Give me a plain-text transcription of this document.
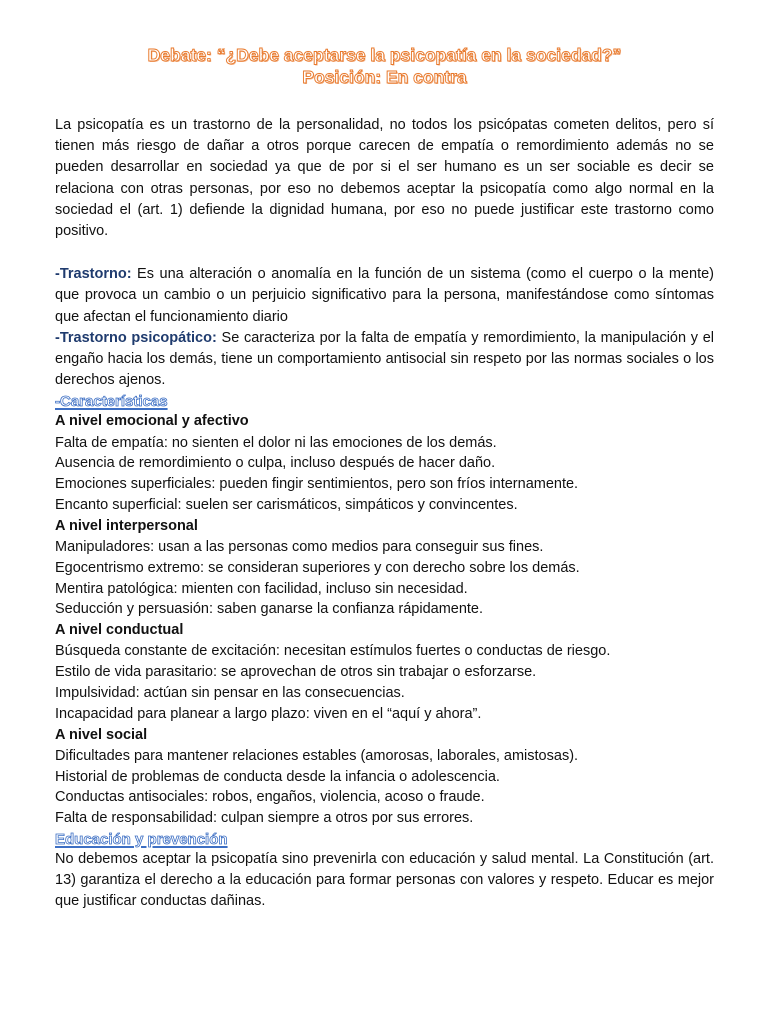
Debate: “¿Debe aceptarse la psicopatía en la sociedad?”
Posición: En contra

La psicopatía es un trastorno de la personalidad, no todos los psicópatas cometen delitos, pero sí tienen más riesgo de dañar a otros porque carecen de empatía o remordimiento además no se pueden desarrollar en sociedad ya que de por si el ser humano es un ser sociable es decir se relaciona con otras personas, por eso no debemos aceptar la psicopatía como algo normal en la sociedad el (art. 1) defiende la dignidad humana, por eso no puede justificar este trastorno como positivo.

-Trastorno: Es una alteración o anomalía en la función de un sistema (como el cuerpo o la mente) que provoca un cambio o un perjuicio significativo para la persona, manifestándose como síntomas que afectan el funcionamiento diario

-Trastorno psicopático: Se caracteriza por la falta de empatía y remordimiento, la manipulación y el engaño hacia los demás, tiene un comportamiento antisocial sin respeto por las normas sociales o los derechos ajenos.

-Características

A nivel emocional y afectivo

Falta de empatía: no sienten el dolor ni las emociones de los demás.

Ausencia de remordimiento o culpa, incluso después de hacer daño.

Emociones superficiales: pueden fingir sentimientos, pero son fríos internamente.

Encanto superficial: suelen ser carismáticos, simpáticos y convincentes.

A nivel interpersonal

Manipuladores: usan a las personas como medios para conseguir sus fines.

Egocentrismo extremo: se consideran superiores y con derecho sobre los demás.

Mentira patológica: mienten con facilidad, incluso sin necesidad.

Seducción y persuasión: saben ganarse la confianza rápidamente.

A nivel conductual

Búsqueda constante de excitación: necesitan estímulos fuertes o conductas de riesgo.

Estilo de vida parasitario: se aprovechan de otros sin trabajar o esforzarse.

Impulsividad: actúan sin pensar en las consecuencias.

Incapacidad para planear a largo plazo: viven en el “aquí y ahora”.

A nivel social

Dificultades para mantener relaciones estables (amorosas, laborales, amistosas).

Historial de problemas de conducta desde la infancia o adolescencia.

Conductas antisociales: robos, engaños, violencia, acoso o fraude.

Falta de responsabilidad: culpan siempre a otros por sus errores.

Educación y prevención

No debemos aceptar la psicopatía sino prevenirla con educación y salud mental. La Constitución (art. 13) garantiza el derecho a la educación para formar personas con valores y respeto. Educar es mejor que justificar conductas dañinas.
